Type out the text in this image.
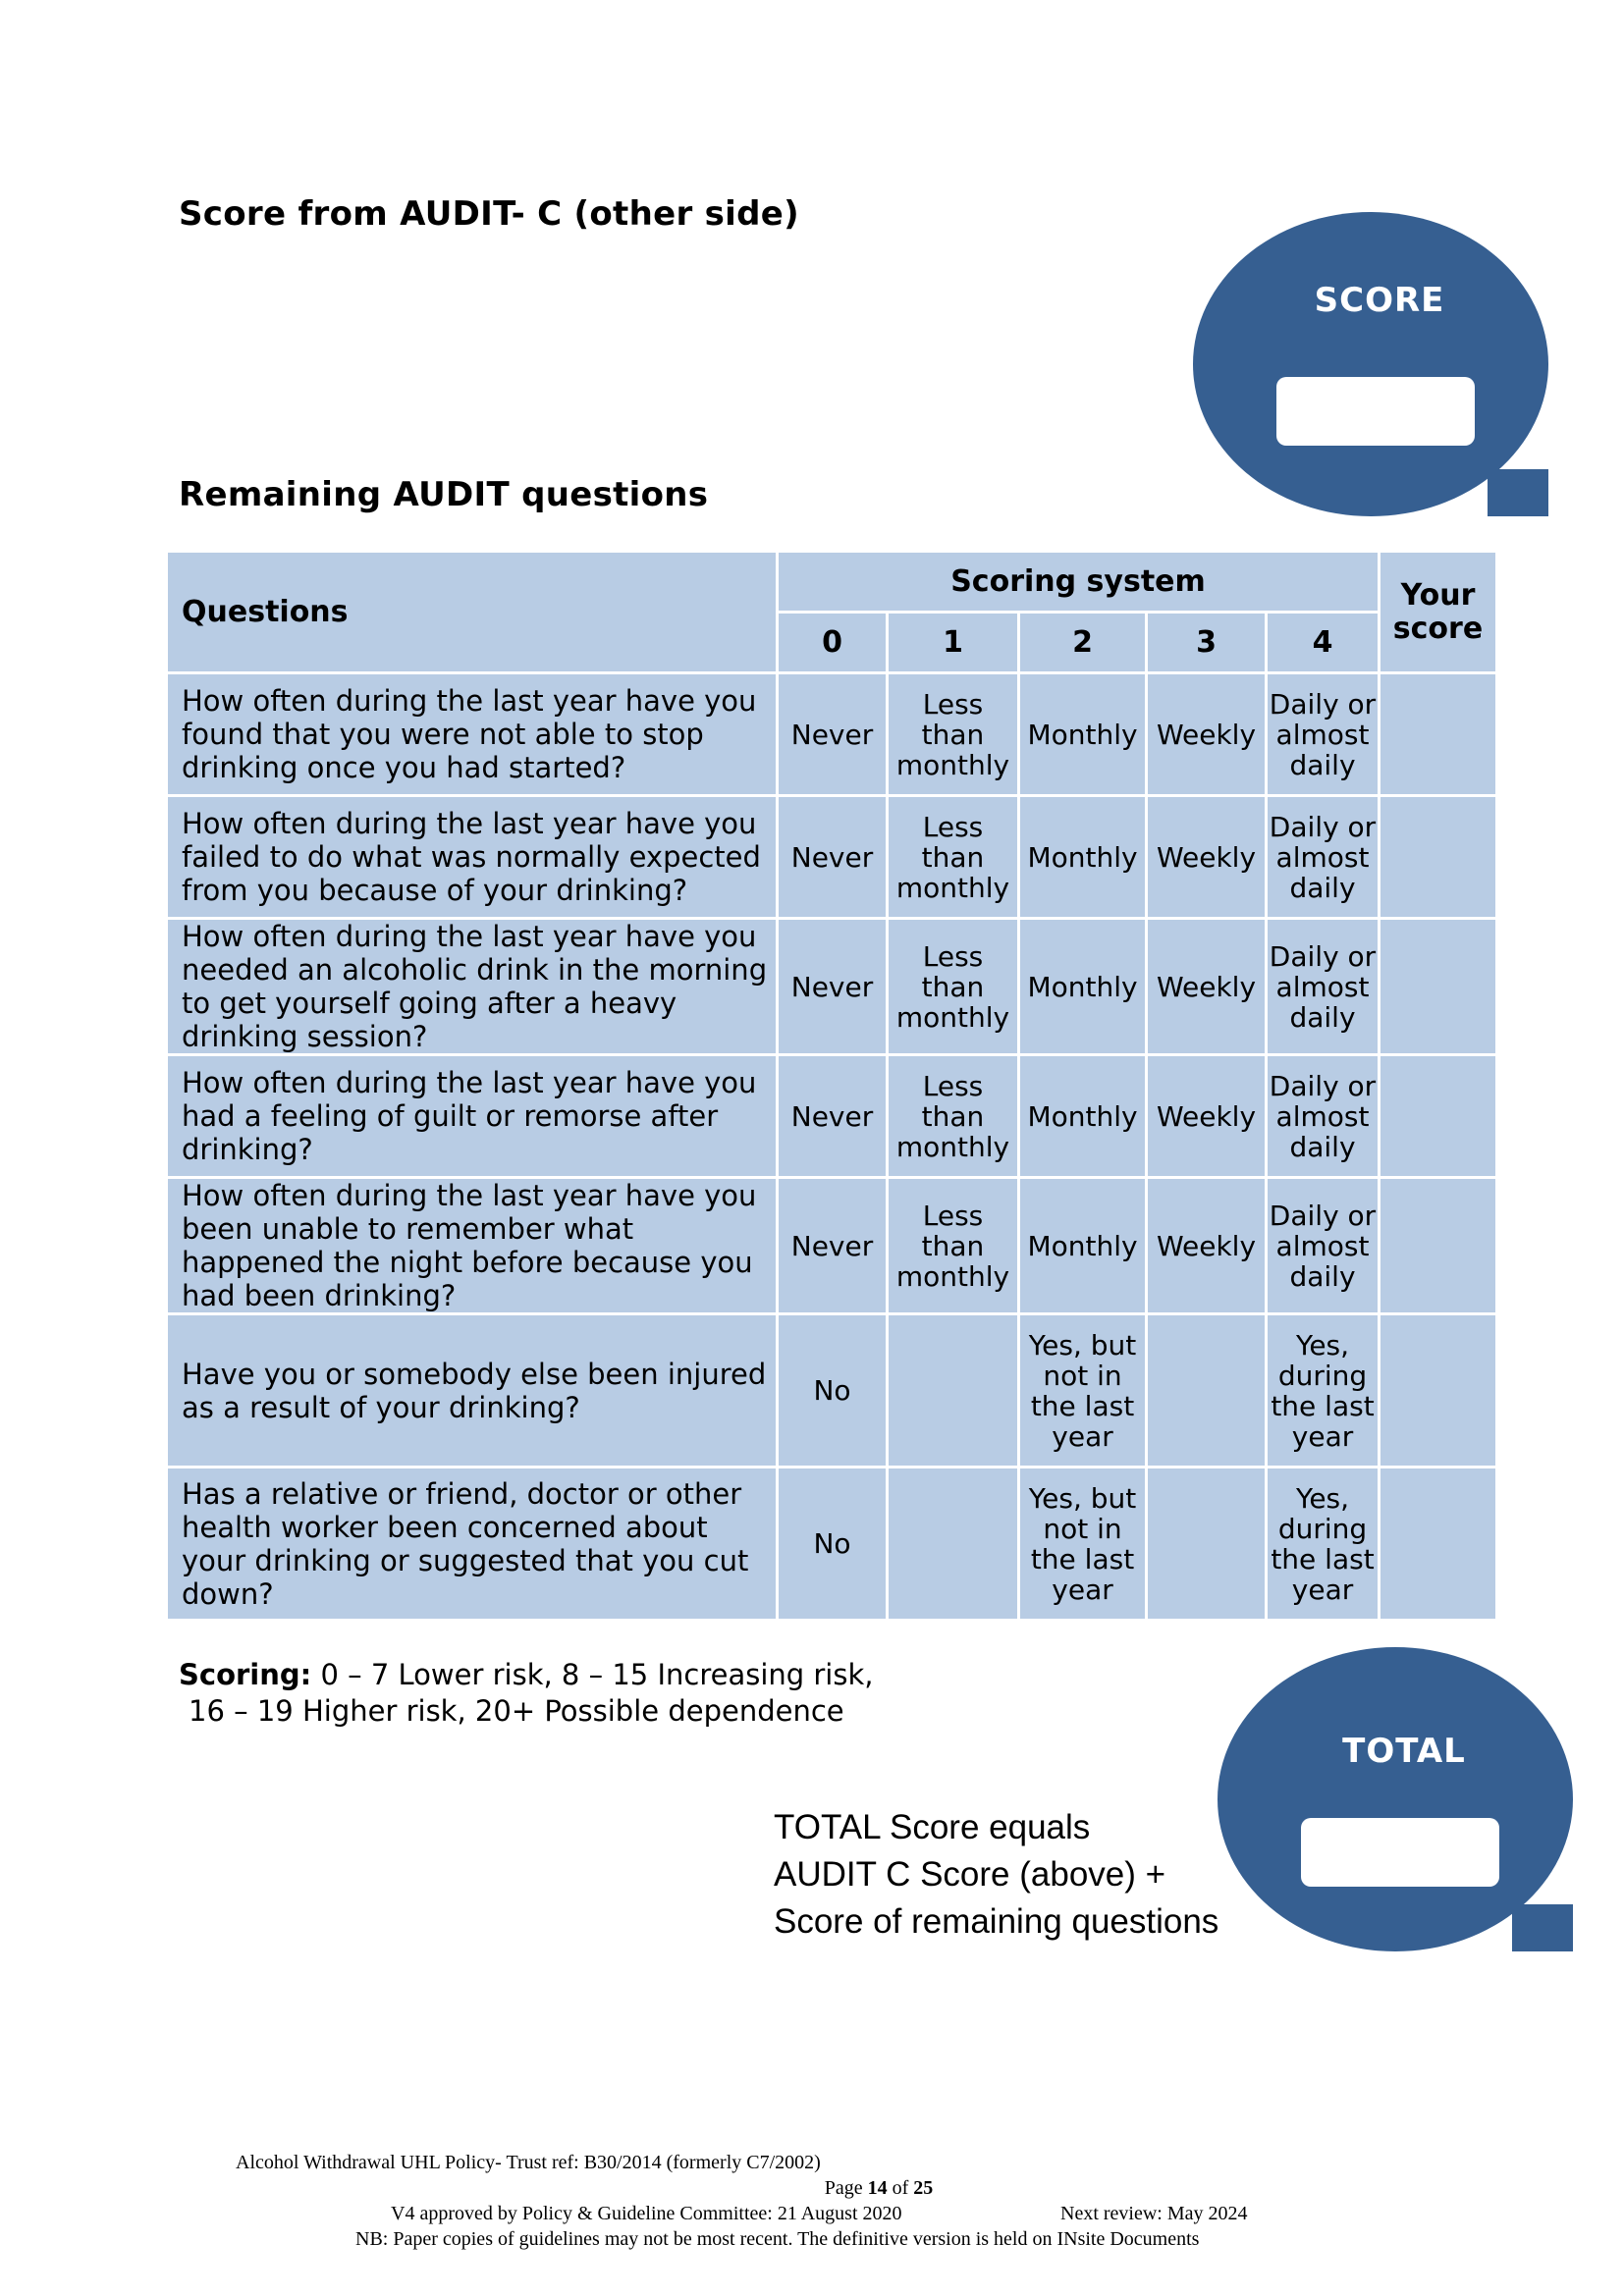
Score from AUDIT- C (other side)
Remaining AUDIT questions
SCORE
Questions	Scoring system					Your score
	0	1	2	3	4	
How often during the last year have you found that you were not able to stop drinking once you had started?	Never	Less than monthly	Monthly	Weekly	Daily or almost daily	
How often during the last year have you failed to do what was normally expected from you because of your drinking?	Never	Less than monthly	Monthly	Weekly	Daily or almost daily	
How often during the last year have you needed an alcoholic drink in the morning to get yourself going after a heavy drinking session?	Never	Less than monthly	Monthly	Weekly	Daily or almost daily	
How often during the last year have you had a feeling of guilt or remorse after drinking?	Never	Less than monthly	Monthly	Weekly	Daily or almost daily	
How often during the last year have you been unable to remember what happened the night before because you had been drinking?	Never	Less than monthly	Monthly	Weekly	Daily or almost daily	
Have you or somebody else been injured as a result of your drinking?	No		Yes, but not in the last year		Yes, during the last year	
Has a relative or friend, doctor or other health worker been concerned about your drinking or suggested that you cut down?	No		Yes, but not in the last year		Yes, during the last year	
Scoring: 0 – 7 Lower risk, 8 – 15 Increasing risk,
16 – 19 Higher risk, 20+ Possible dependence
TOTAL Score equals
AUDIT C Score (above) +
Score of remaining questions
TOTAL
Alcohol Withdrawal UHL Policy- Trust ref: B30/2014 (formerly C7/2002)
Page 14 of 25
V4 approved by Policy & Guideline Committee: 21 August 2020	Next review: May 2024
NB: Paper copies of guidelines may not be most recent. The definitive version is held on INsite Documents
